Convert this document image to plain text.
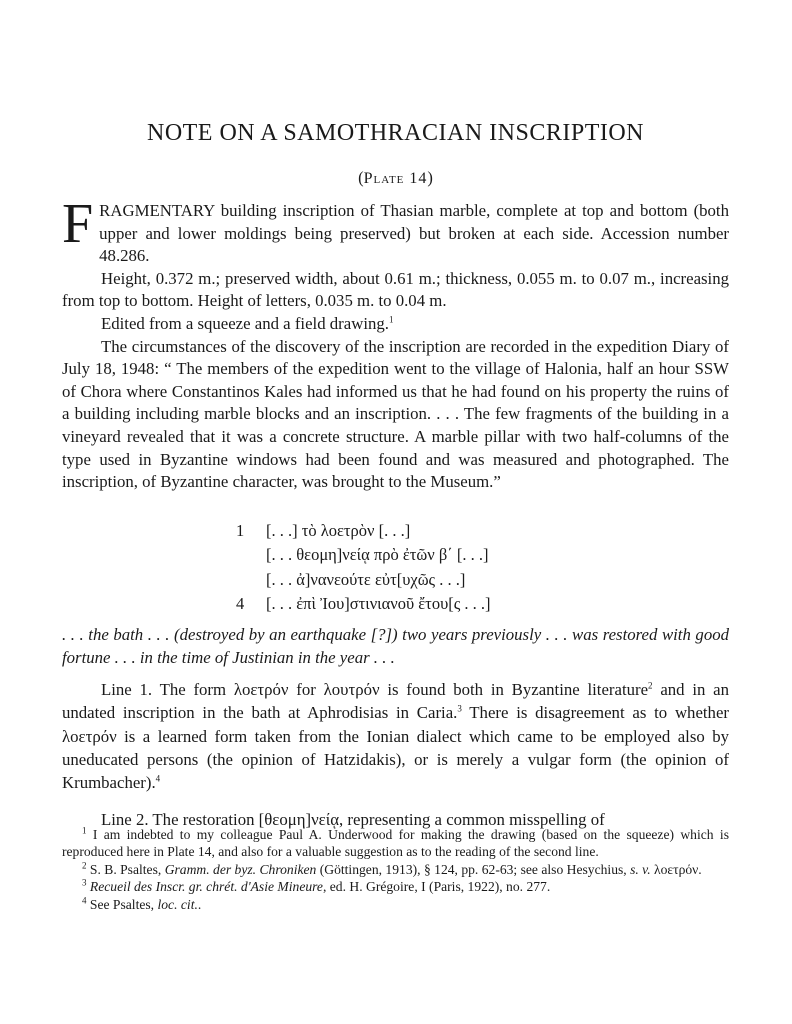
NOTE ON A SAMOTHRACIAN INSCRIPTION

(Plate 14)

FRAGMENTARY building inscription of Thasian marble, complete at top and bottom (both upper and lower moldings being preserved) but broken at each side. Accession number 48.286.

Height, 0.372 m.; preserved width, about 0.61 m.; thickness, 0.055 m. to 0.07 m., increasing from top to bottom. Height of letters, 0.035 m. to 0.04 m.

Edited from a squeeze and a field drawing.$^1$

The circumstances of the discovery of the inscription are recorded in the expedition Diary of July 18, 1948: “ The members of the expedition went to the village of Halonia, half an hour SSW of Chora where Constantinos Kales had informed us that he had found on his property the ruins of a building including marble blocks and an inscription. . . . The few fragments of the building in a vineyard revealed that it was a concrete structure. A marble pillar with two half-columns of the type used in Byzantine windows had been found and was measured and photographed. The inscription, of Byzantine character, was brought to the Museum.”

1 [. . .] τὸ λοετρὸν [. . .]
[. . . θεομη]νείᾳ πρὸ ἐτῶν β΄ [. . .]
[. . . ἀ]νανεούτε εὐτ[υχῶς . . .]
4 [. . . ἐπὶ Ἰου]στινιανοῦ ἔτου[ς . . .]

. . . the bath . . . (destroyed by an earthquake [?]) two years previously . . . was restored with good fortune . . . in the time of Justinian in the year . . .

Line 1. The form λοετρόν for λουτρόν is found both in Byzantine literature$^2$ and in an undated inscription in the bath at Aphrodisias in Caria.$^3$ There is disagreement as to whether λοετρόν is a learned form taken from the Ionian dialect which came to be employed also by uneducated persons (the opinion of Hatzidakis), or is merely a vulgar form (the opinion of Krumbacher).$^4$

Line 2. The restoration [θεομη]νείᾳ, representing a common misspelling of

$^1$ I am indebted to my colleague Paul A. Underwood for making the drawing (based on the squeeze) which is reproduced here in Plate 14, and also for a valuable suggestion as to the reading of the second line.

$^2$ S. B. Psaltes, Gramm. der byz. Chroniken (Göttingen, 1913), § 124, pp. 62-63; see also Hesychius, s. v. λοετρόν.

$^3$ Recueil des Inscr. gr. chrét. d'Asie Mineure, ed. H. Grégoire, I (Paris, 1922), no. 277.

$^4$ See Psaltes, loc. cit..
